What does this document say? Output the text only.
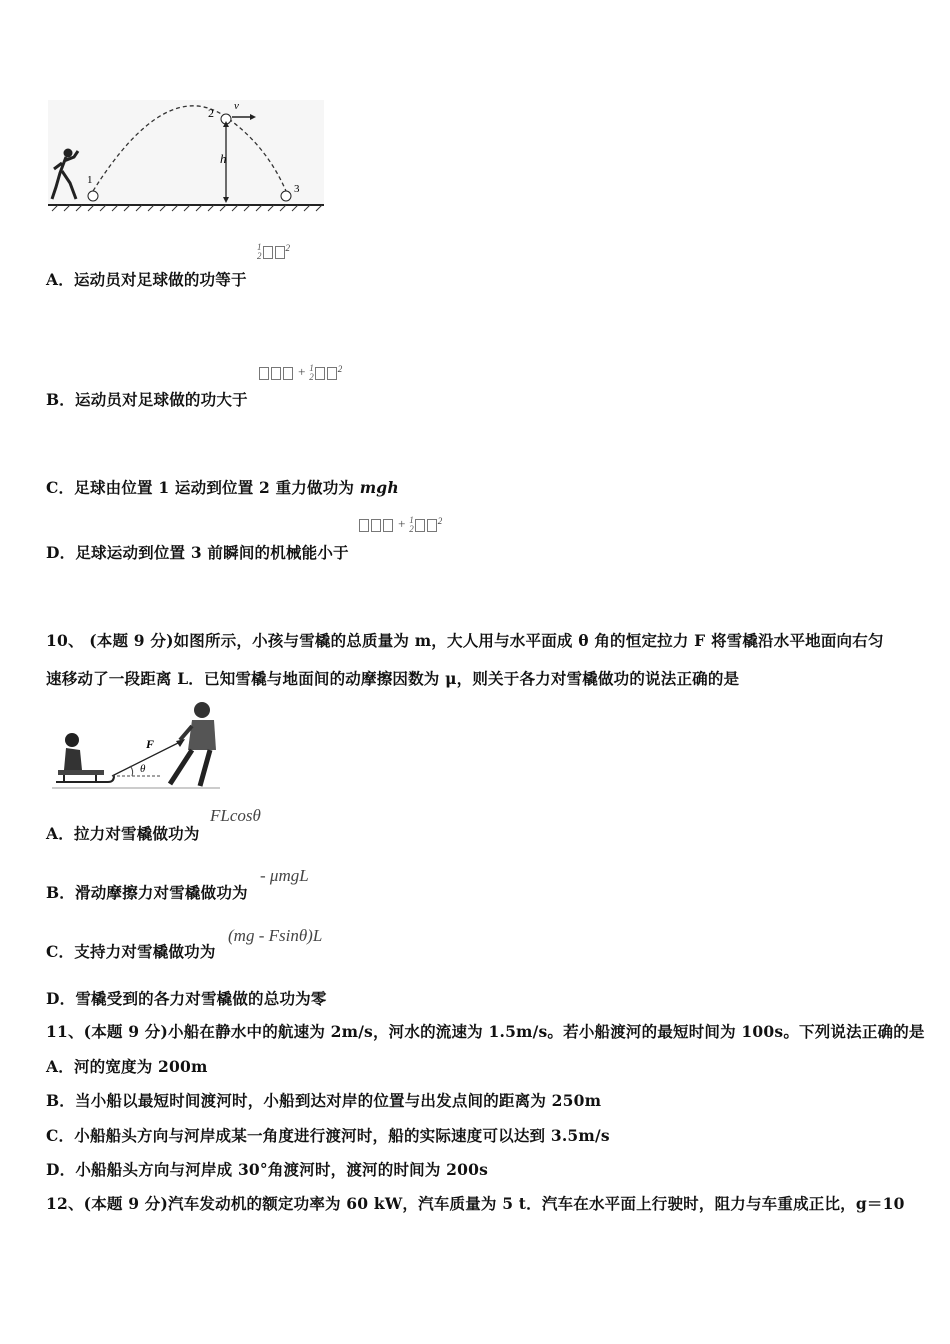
1
2
3
v
h
A．运动员对足球做的功等于
1
2
$^2$
B．运动员对足球做的功大于
+ 1
2
$^2$
C．足球由位置 1 运动到位置 2 重力做功为 mgh
D．足球运动到位置 3 前瞬间的机械能小于
+ 1
2
$^2$
10、 (本题 9 分)如图所示，小孩与雪橇的总质量为 m，大人用与水平面成 θ 角的恒定拉力 F 将雪橇沿水平地面向右匀
速移动了一段距离 L．已知雪橇与地面间的动摩擦因数为 μ，则关于各力对雪橇做功的说法正确的是
F
θ
A．拉力对雪橇做功为
FLcosθ
B．滑动摩擦力对雪橇做功为
- μmgL
C．支持力对雪橇做功为
(mg - Fsinθ)L
D．雪橇受到的各力对雪橇做的总功为零
11、(本题 9 分)小船在静水中的航速为 2m/s，河水的流速为 1.5m/s。若小船渡河的最短时间为 100s。下列说法正确的是
A．河的宽度为 200m
B．当小船以最短时间渡河时，小船到达对岸的位置与出发点间的距离为 250m
C．小船船头方向与河岸成某一角度进行渡河时，船的实际速度可以达到 3.5m/s
D．小船船头方向与河岸成 30°角渡河时，渡河的时间为 200s
12、(本题 9 分)汽车发动机的额定功率为 60 kW，汽车质量为 5 t．汽车在水平面上行驶时，阻力与车重成正比，g＝10
